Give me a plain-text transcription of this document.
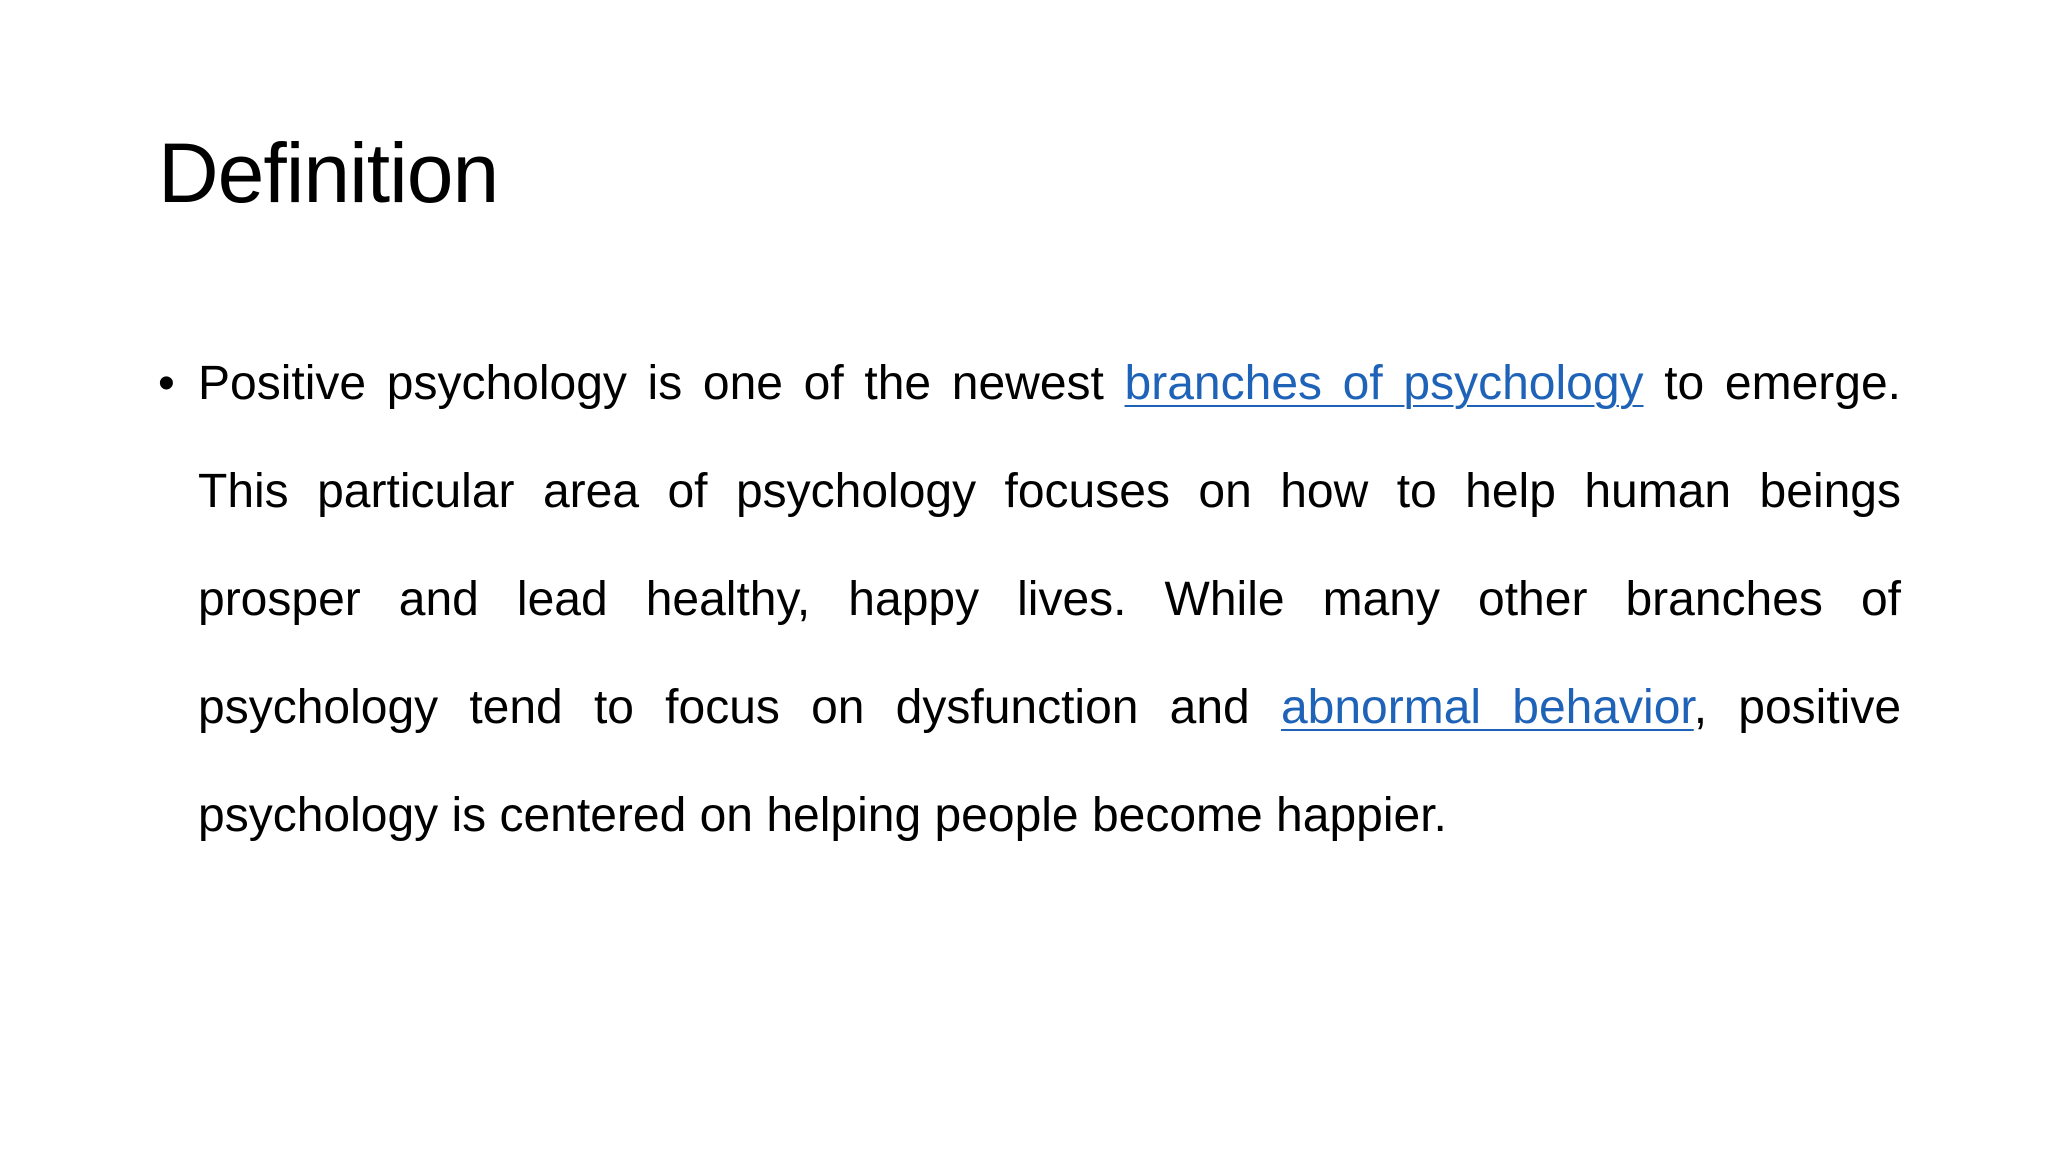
Definition
• Positive psychology is one of the newest branches of psychology to emerge. This particular area of psychology focuses on how to help human beings prosper and lead healthy, happy lives. While many other branches of psychology tend to focus on dysfunction and abnormal behavior, positive psychology is centered on helping people become happier.
